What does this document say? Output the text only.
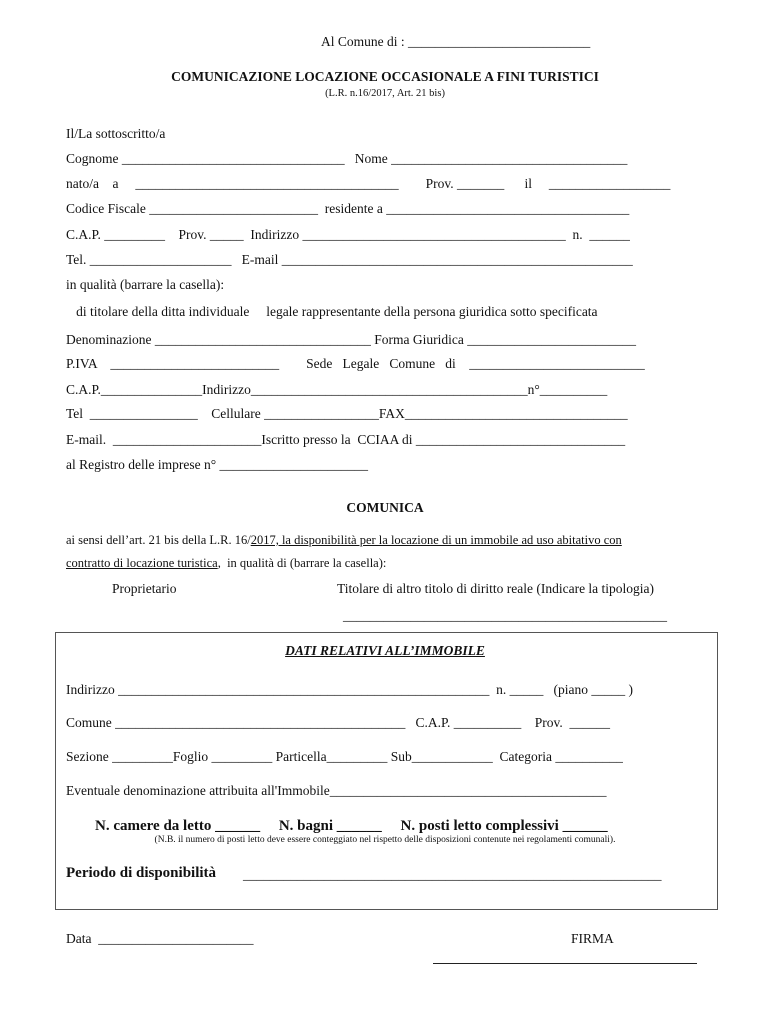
Al Comune di : ___________________________
COMUNICAZIONE LOCAZIONE OCCASIONALE A FINI TURISTICI
(L.R. n.16/2017, Art. 21 bis)
Il/La sottoscritto/a
Cognome _________________________________   Nome ___________________________________
nato/a    a     _______________________________________        Prov. _______      il     __________________
Codice Fiscale _________________________  residente a ____________________________________
C.A.P. _________    Prov. _____  Indirizzo _______________________________________  n.  ______
Tel. _____________________   E-mail ____________________________________________________
in qualità (barrare la casella):
di titolare della ditta individuale     legale rappresentante della persona giuridica sotto specificata
Denominazione ________________________________ Forma Giuridica _________________________
P.IVA    _________________________        Sede   Legale   Comune   di    __________________________
C.A.P._______________Indirizzo_________________________________________n°__________
Tel  ________________    Cellulare _________________FAX_________________________________
E-mail.  ______________________Iscritto presso la  CCIAA di _______________________________
al Registro delle imprese n° ______________________
COMUNICA
ai sensi dell’art. 21 bis della L.R. 16/2017, la disponibilità per la locazione di un immobile ad uso abitativo con
contratto di locazione turistica,  in qualità di (barrare la casella):
Proprietario	Titolare di altro titolo di diritto reale (Indicare la tipologia)
________________________________________________
DATI RELATIVI ALL’IMMOBILE
Indirizzo _______________________________________________________  n. _____   (piano _____ )
Comune ___________________________________________   C.A.P. __________    Prov.  ______
Sezione _________Foglio _________ Particella_________ Sub____________  Categoria __________
Eventuale denominazione attribuita all'Immobile_________________________________________
N. camere da letto ______     N. bagni ______     N. posti letto complessivi ______
(N.B. il numero di posti letto deve essere conteggiato nel rispetto delle disposizioni contenute nei regolamenti comunali).
Periodo di disponibilità ______________________________________________________________
Data  _______________________	FIRMA
